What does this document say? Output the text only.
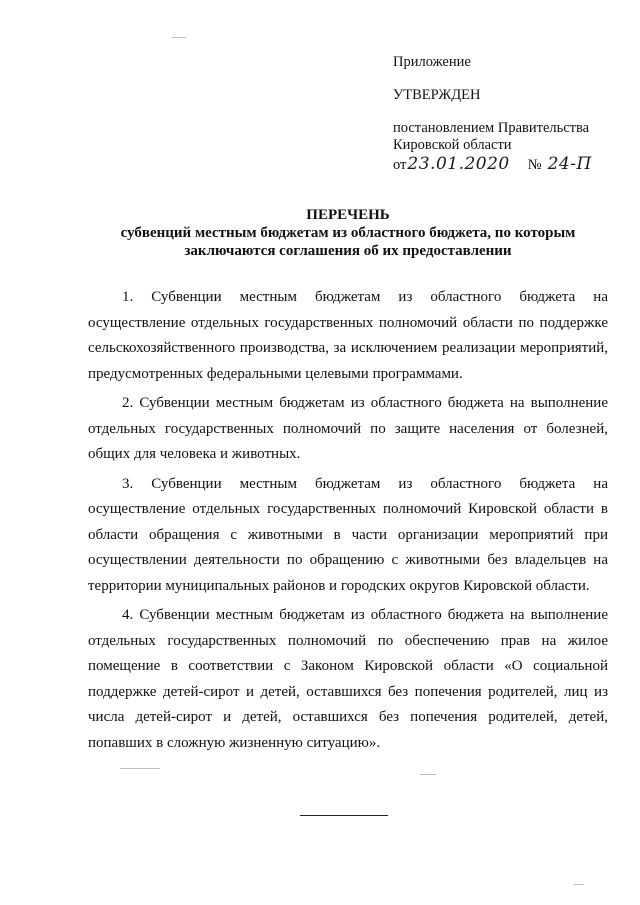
Приложение
УТВЕРЖДЕН
постановлением Правительства
Кировской области
от 23.01.2020 № 24-П
ПЕРЕЧЕНЬ
субвенций местным бюджетам из областного бюджета, по которым заключаются соглашения об их предоставлении

1. Субвенции местным бюджетам из областного бюджета на осуществление отдельных государственных полномочий области по поддержке сельскохозяйственного производства, за исключением реализации мероприятий, предусмотренных федеральными целевыми программами.

2. Субвенции местным бюджетам из областного бюджета на выполнение отдельных государственных полномочий по защите населения от болезней, общих для человека и животных.

3. Субвенции местным бюджетам из областного бюджета на осуществление отдельных государственных полномочий Кировской области в области обращения с животными в части организации мероприятий при осуществлении деятельности по обращению с животными без владельцев на территории муниципальных районов и городских округов Кировской области.

4. Субвенции местным бюджетам из областного бюджета на выполнение отдельных государственных полномочий по обеспечению прав на жилое помещение в соответствии с Законом Кировской области «О социальной поддержке детей-сирот и детей, оставшихся без попечения родителей, лиц из числа детей-сирот и детей, оставшихся без попечения родителей, детей, попавших в сложную жизненную ситуацию».
